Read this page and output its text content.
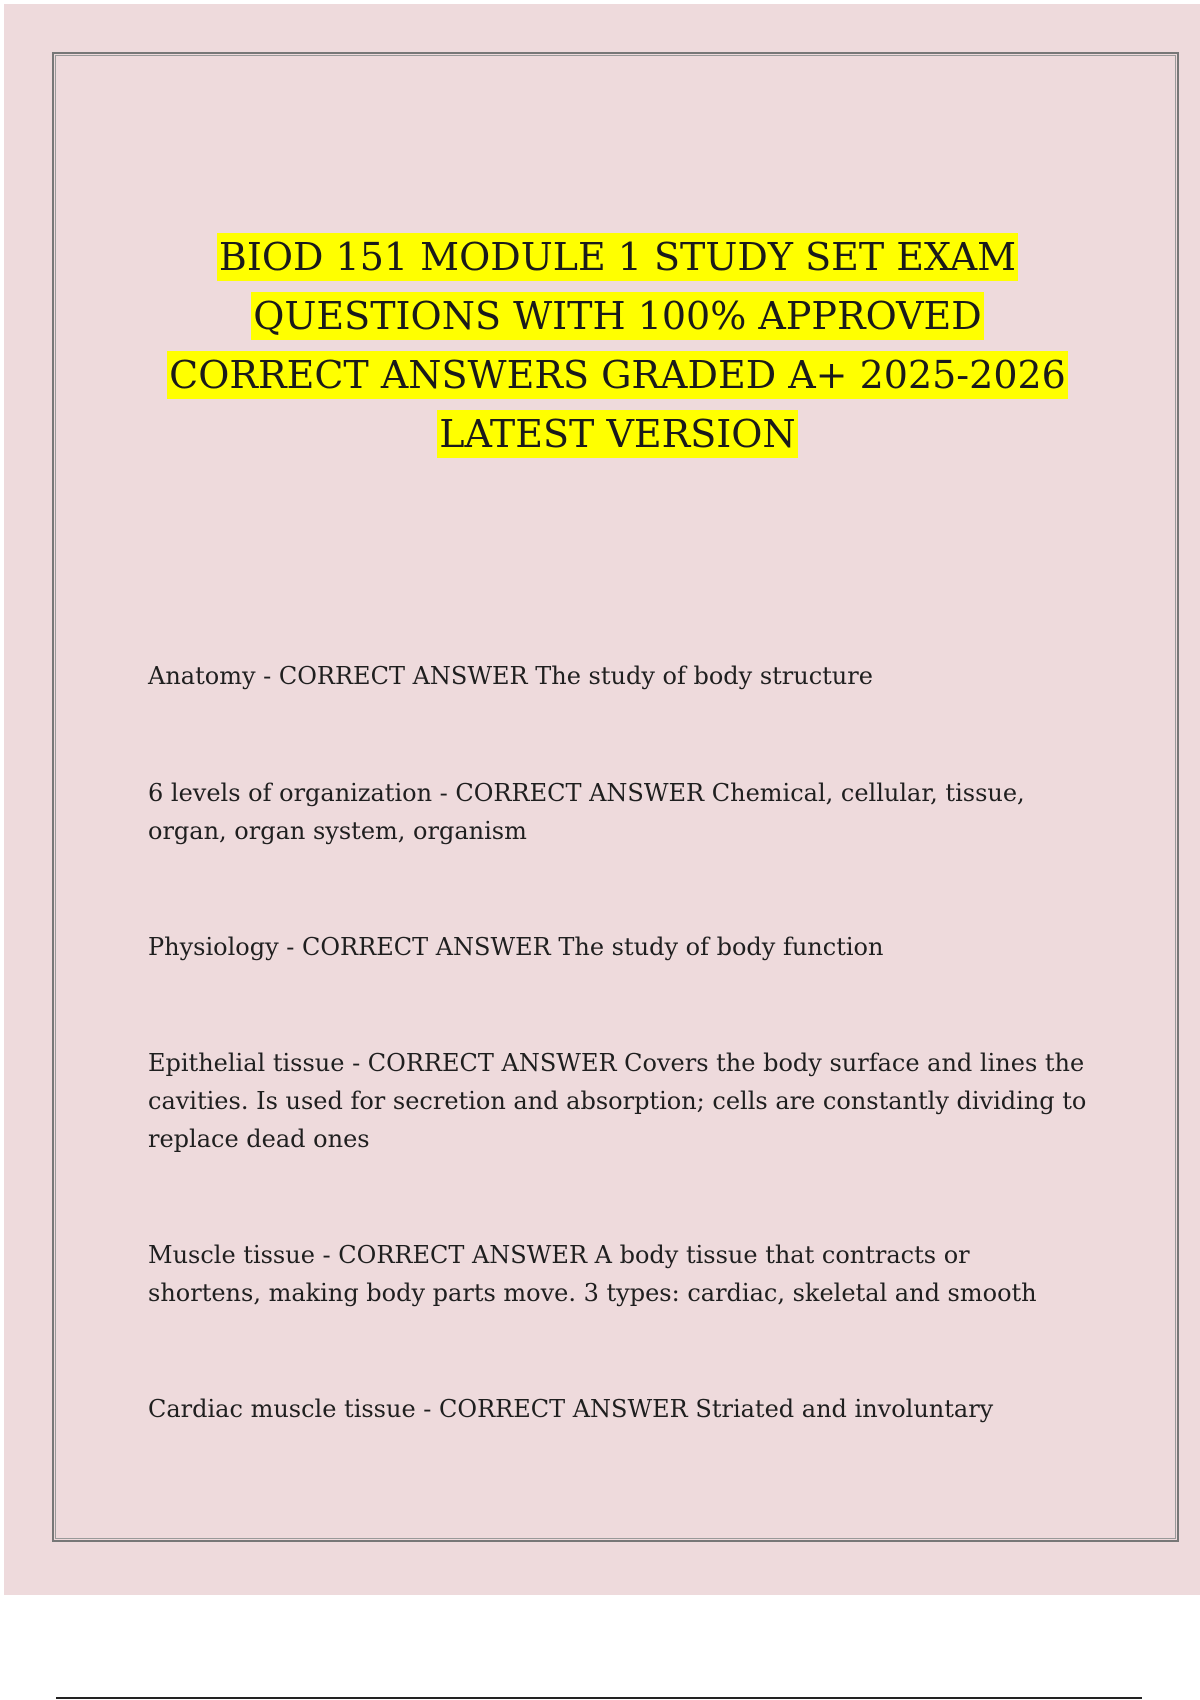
BIOD 151 MODULE 1 STUDY SET EXAM QUESTIONS WITH 100% APPROVED CORRECT ANSWERS GRADED A+ 2025-2026 LATEST VERSION

Anatomy - CORRECT ANSWER The study of body structure

6 levels of organization - CORRECT ANSWER Chemical, cellular, tissue, organ, organ system, organism

Physiology - CORRECT ANSWER The study of body function

Epithelial tissue - CORRECT ANSWER Covers the body surface and lines the cavities. Is used for secretion and absorption; cells are constantly dividing to replace dead ones

Muscle tissue - CORRECT ANSWER A body tissue that contracts or shortens, making body parts move. 3 types: cardiac, skeletal and smooth

Cardiac muscle tissue - CORRECT ANSWER Striated and involuntary
